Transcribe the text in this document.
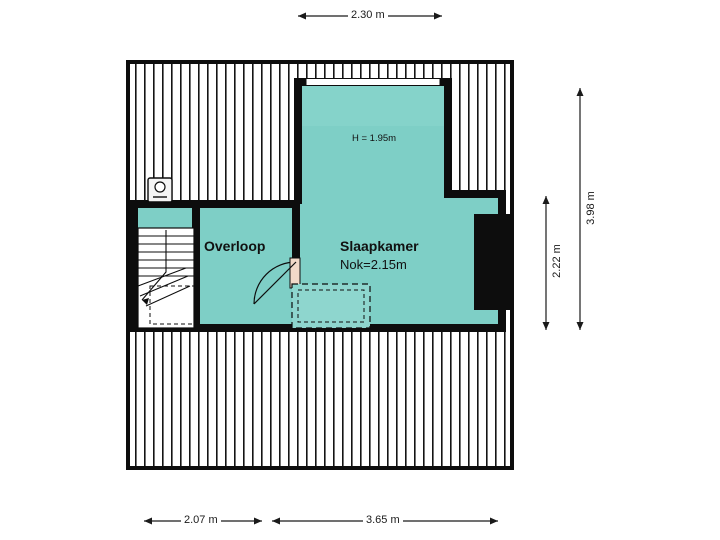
2.30 m
3.98 m
2.22 m
2.07 m	3.65 m
H = 1.95m
Overloop	Slaapkamer
Nok=2.15m
